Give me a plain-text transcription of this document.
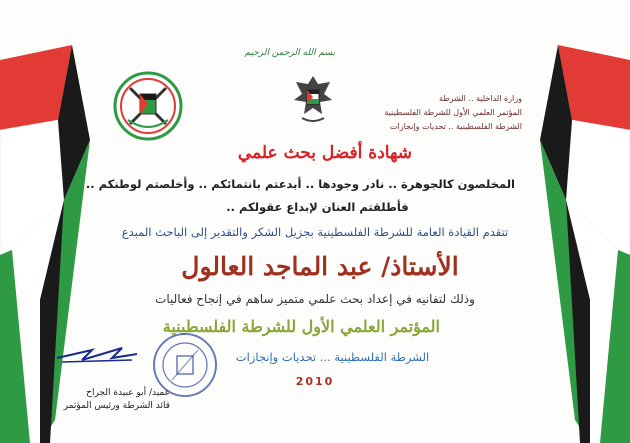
بسم الله الرحمن الرحيم
وزارة الداخلية .. الشرطة
المؤتمر العلمي الأول للشرطة الفلسطينية
الشرطة الفلسطينية .. تحديات وإنجازات
شهادة أفضل بحث علمي
المخلصون كالجوهرة .. نادر وجودها .. أبدعتم بانتمائكم .. وأخلصتم لوطنكم ..
فأطلقتم العنان لإبداع عقولكم ..
تتقدم القيادة العامة للشرطة الفلسطينية بجزيل الشكر والتقدير إلى الباحث المبدع
الأستاذ/ عبد الماجد العالول
وذلك لتفانيه في إعداد بحث علمي متميز ساهم في إنجاح فعاليات
المؤتمر العلمي الأول للشرطة الفلسطينية
الشرطة الفلسطينية ... تحديات وإنجازات
2010
عميد/ أبو عبيدة الجراح
قائد الشرطة ورئيس المؤتمر
